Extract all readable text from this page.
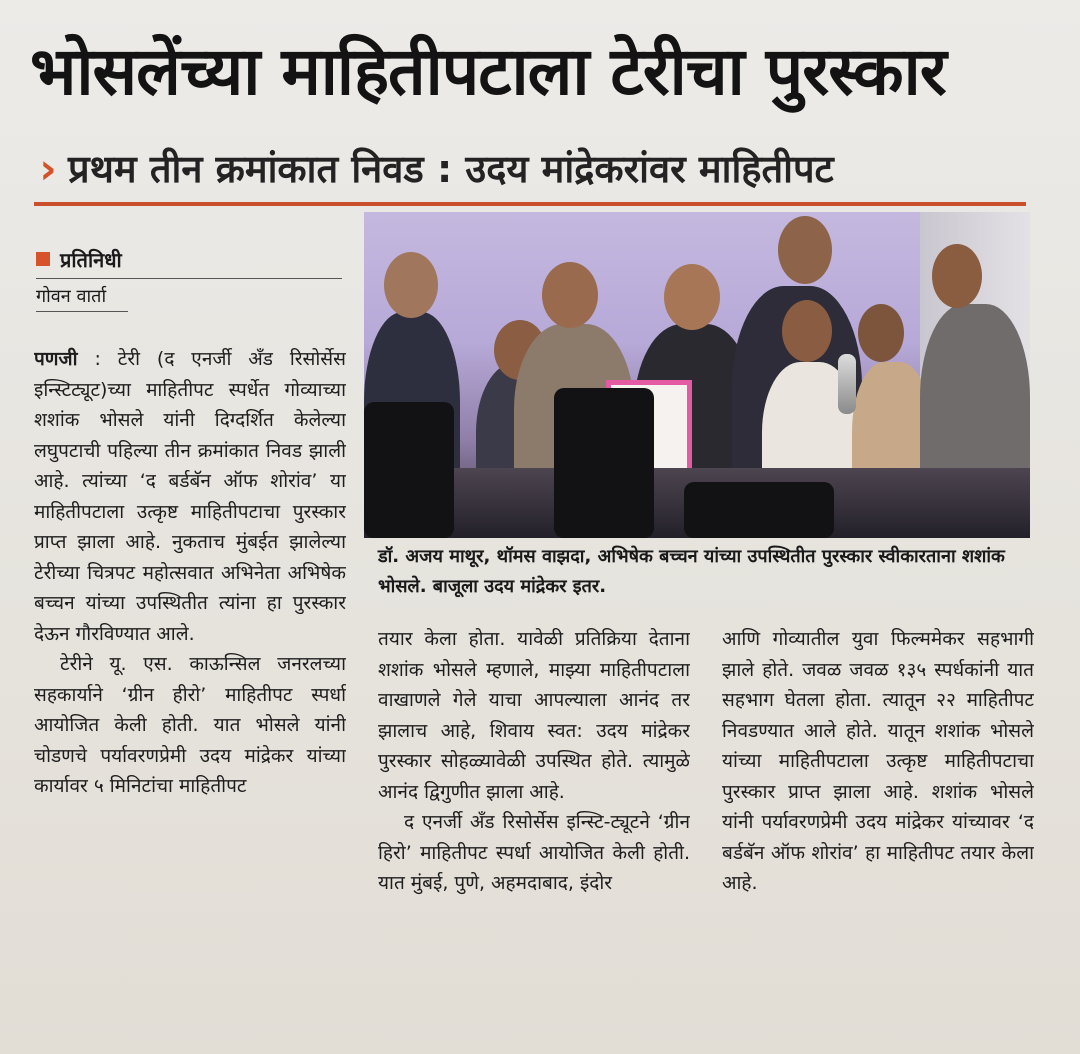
भोसलेंच्या माहितीपटाला टेरीचा पुरस्कार
› प्रथम तीन क्रमांकात निवड : उदय मांद्रेकरांवर माहितीपट
प्रतिनिधी
गोवन वार्ता

पणजी : टेरी (द एनर्जी अँड रिसोर्सेस इन्स्टिट्यूट)च्या माहितीपट स्पर्धेत गोव्याच्या शशांक भोसले यांनी दिग्दर्शित केलेल्या लघुपटाची पहिल्या तीन क्रमांकात निवड झाली आहे. त्यांच्या ‘द बर्डबॅन ऑफ शोरांव’ या माहितीपटाला उत्कृष्ट माहितीपटाचा पुरस्कार प्राप्त झाला आहे. नुकताच मुंबईत झालेल्या टेरीच्या चित्रपट महोत्सवात अभिनेता अभिषेक बच्चन यांच्या उपस्थितीत त्यांना हा पुरस्कार देऊन गौरविण्यात आले.

टेरीने यू. एस. काऊन्सिल जनरलच्या सहकार्याने ‘ग्रीन हीरो’ माहितीपट स्पर्धा आयोजित केली होती. यात भोसले यांनी चोडणचे पर्यावरणप्रेमी उदय मांद्रेकर यांच्या कार्यावर ५ मिनिटांचा माहितीपट

डॉ. अजय माथूर, थॉमस वाझदा, अभिषेक बच्चन यांच्या उपस्थितीत पुरस्कार स्वीकारताना शशांक भोसले. बाजूला उदय मांद्रेकर इतर.

तयार केला होता. यावेळी प्रतिक्रिया देताना शशांक भोसले म्हणाले, माझ्या माहितीपटाला वाखाणले गेले याचा आपल्याला आनंद तर झालाच आहे, शिवाय स्वत: उदय मांद्रेकर पुरस्कार सोहळ्यावेळी उपस्थित होते. त्यामुळे आनंद द्विगुणीत झाला आहे.

द एनर्जी अँड रिसोर्सेस इन्स्टि-ट्यूटने ‘ग्रीन हिरो’ माहितीपट स्पर्धा आयोजित केली होती. यात मुंबई, पुणे, अहमदाबाद, इंदोर

आणि गोव्यातील युवा फिल्ममेकर सहभागी झाले होते. जवळ जवळ १३५ स्पर्धकांनी यात सहभाग घेतला होता. त्यातून २२ माहितीपट निवडण्यात आले होते. यातून शशांक भोसले यांच्या माहितीपटाला उत्कृष्ट माहितीपटाचा पुरस्कार प्राप्त झाला आहे. शशांक भोसले यांनी पर्यावरणप्रेमी उदय मांद्रेकर यांच्यावर ‘द बर्डबॅन ऑफ शोरांव’ हा माहितीपट तयार केला आहे.
